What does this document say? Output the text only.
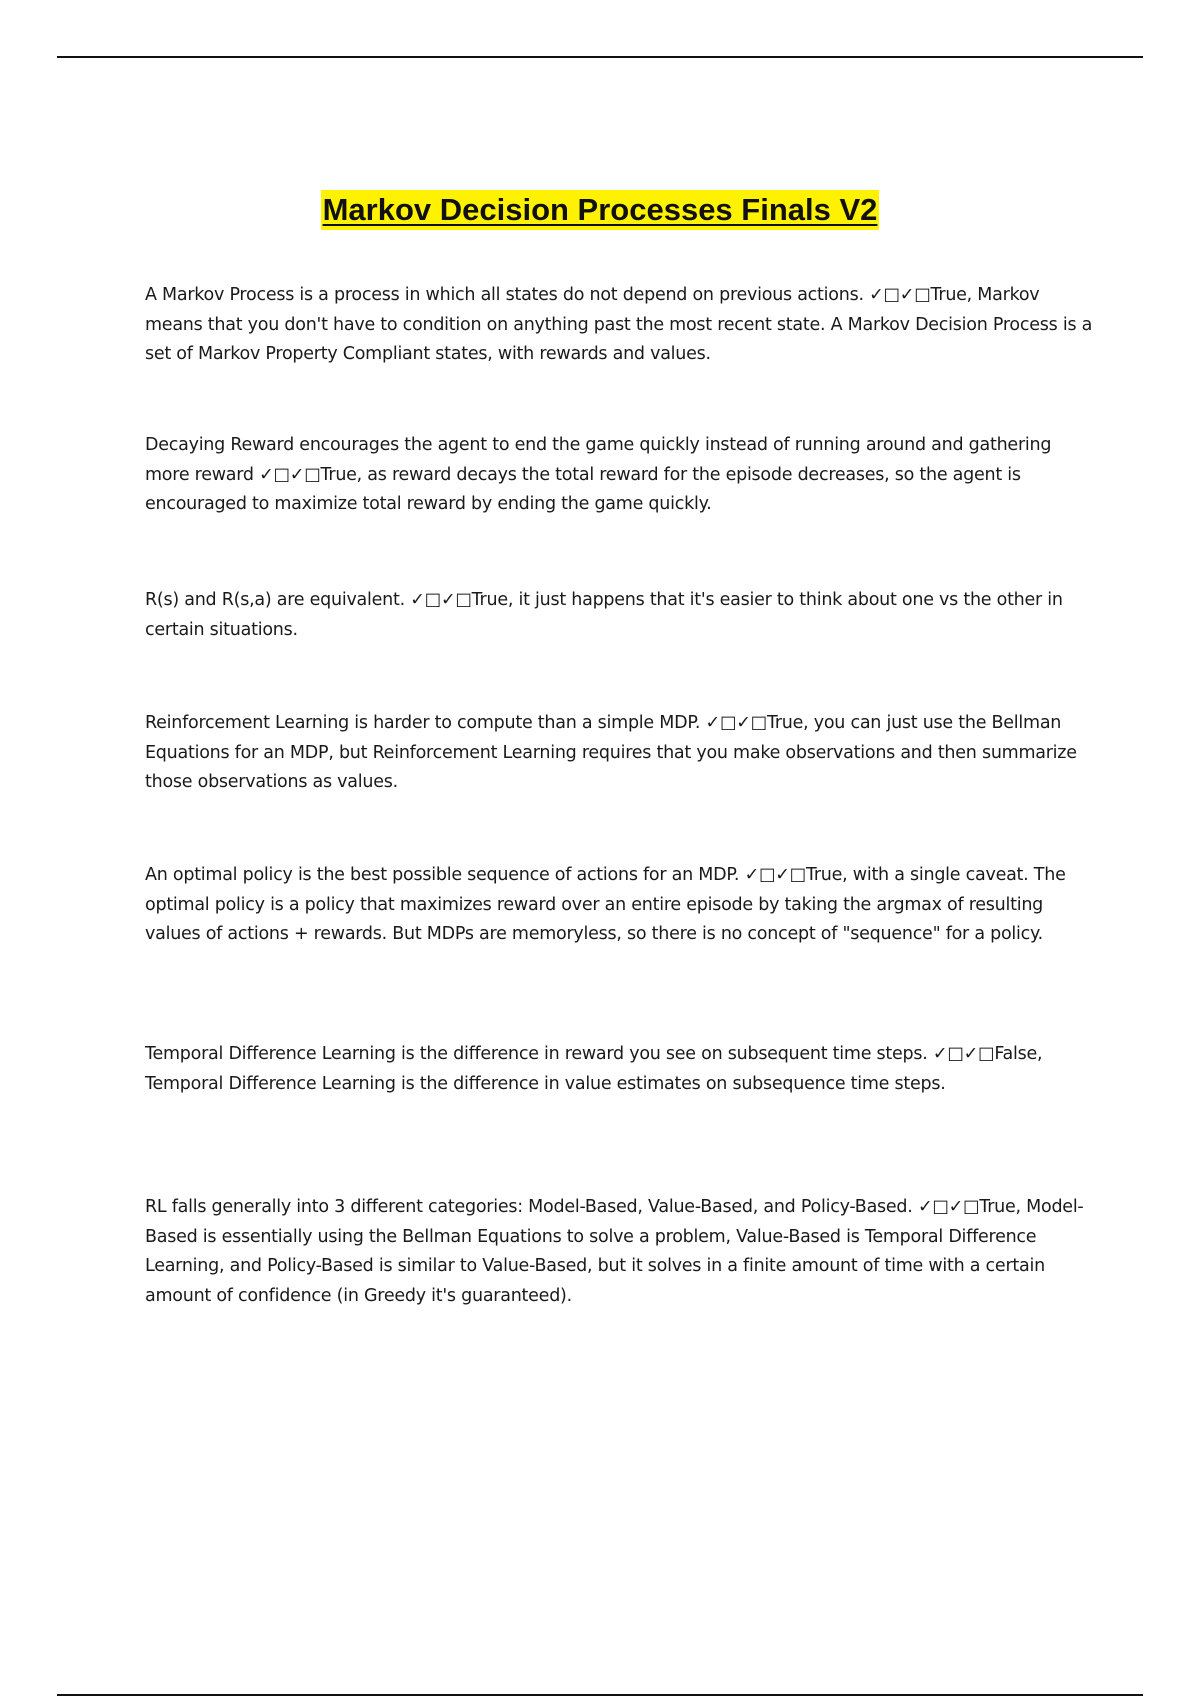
Markov Decision Processes Finals V2
A Markov Process is a process in which all states do not depend on previous actions. ✓□✓□True, Markov means that you don't have to condition on anything past the most recent state. A Markov Decision Process is a set of Markov Property Compliant states, with rewards and values.
Decaying Reward encourages the agent to end the game quickly instead of running around and gathering more reward ✓□✓□True, as reward decays the total reward for the episode decreases, so the agent is encouraged to maximize total reward by ending the game quickly.
R(s) and R(s,a) are equivalent. ✓□✓□True, it just happens that it's easier to think about one vs the other in certain situations.
Reinforcement Learning is harder to compute than a simple MDP. ✓□✓□True, you can just use the Bellman Equations for an MDP, but Reinforcement Learning requires that you make observations and then summarize those observations as values.
An optimal policy is the best possible sequence of actions for an MDP. ✓□✓□True, with a single caveat. The optimal policy is a policy that maximizes reward over an entire episode by taking the argmax of resulting values of actions + rewards. But MDPs are memoryless, so there is no concept of "sequence" for a policy.
Temporal Difference Learning is the difference in reward you see on subsequent time steps. ✓□✓□False, Temporal Difference Learning is the difference in value estimates on subsequence time steps.
RL falls generally into 3 different categories: Model-Based, Value-Based, and Policy-Based. ✓□✓□True, Model-Based is essentially using the Bellman Equations to solve a problem, Value-Based is Temporal Difference Learning, and Policy-Based is similar to Value-Based, but it solves in a finite amount of time with a certain amount of confidence (in Greedy it's guaranteed).
